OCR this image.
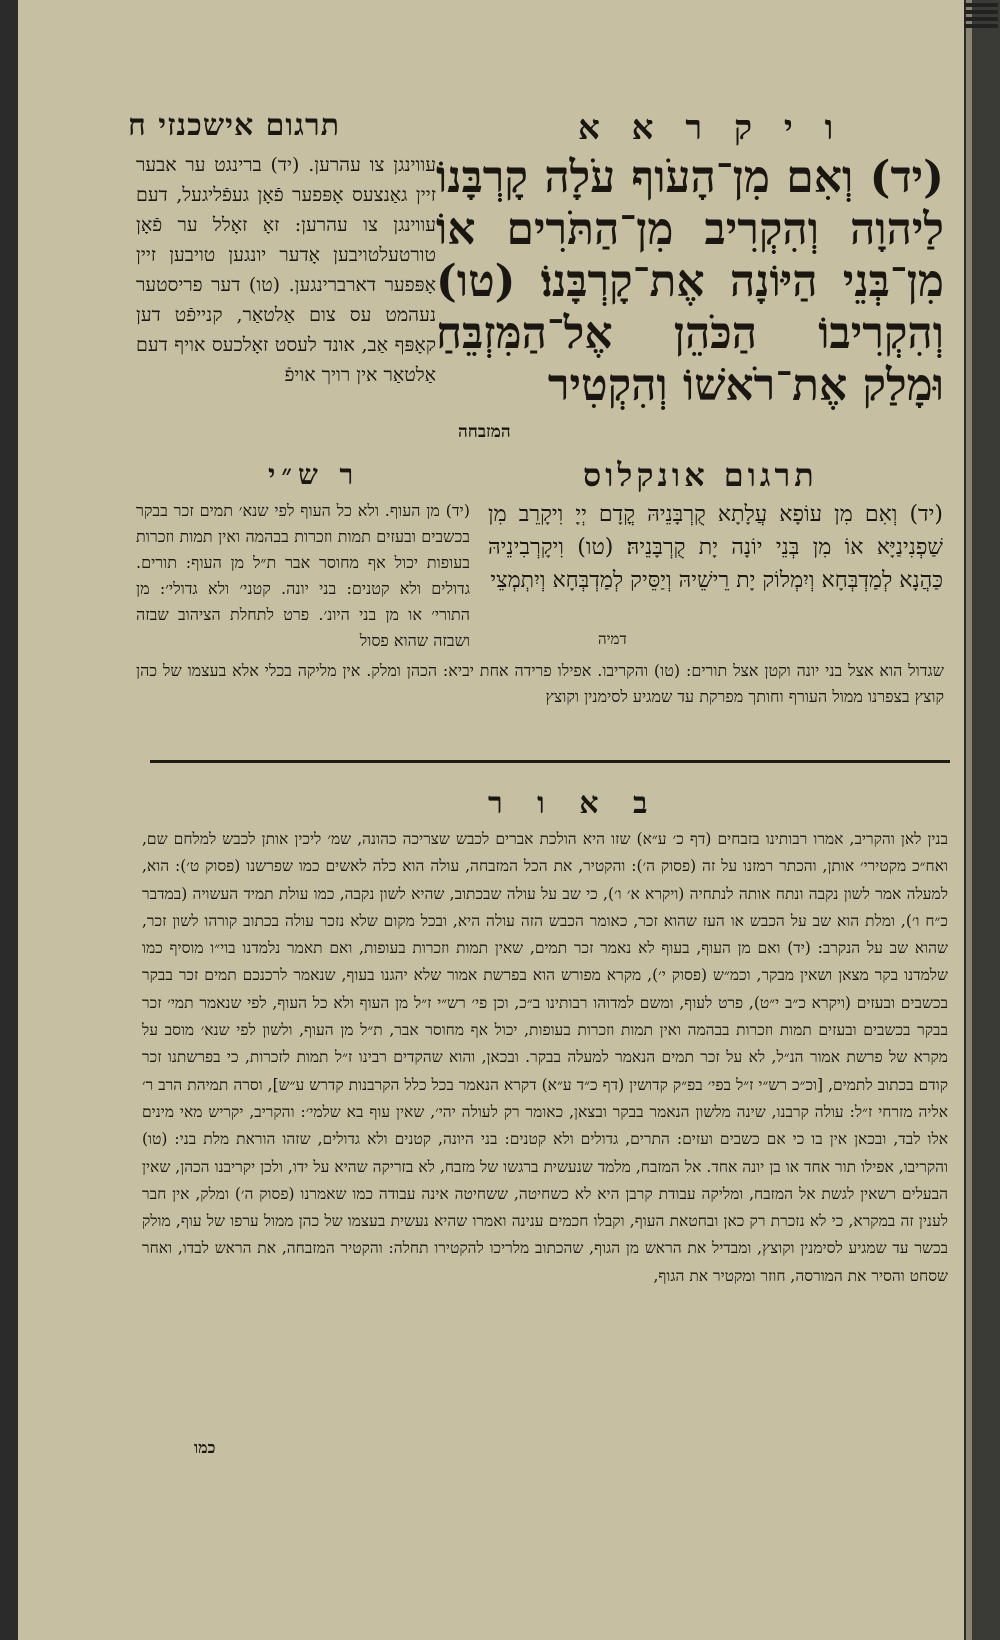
תרגום אישכנזי ח	ו י ק ר א א
עווינגן צו עהרען. (יד) ברינגט ער אבער זיין גאַנצעס אָפּפער פֿאָן געפֿליגעל, דעם עווינגן צו עהרען: זאָ זאָלל ער פֿאָן טורטעלטויבען אָדער יונגען טויבען זיין אָפּפער דארברינגען. (טו) דער פריסטער נעהמט עס צום אַלטאַר, קנייפֿט דען קאָפּף אַב, אונד לעסט זאָלכעס אויף דעם אַלטאַר אין רויך אויפֿ
(יד) וְאִם מִן־הָעֹוף עֹלָה קָרְבָּנוֹ לַיהוָה וְהִקְרִיב מִן־הַתֹּרִים אוֹ מִן־בְּנֵי הַיּוֹנָה אֶת־קָרְבָּנוֹ׃ (טו) וְהִקְרִיבוֹ הַכֹּהֵן אֶל־הַמִּזְבֵּחַ וּמָלַק אֶת־רֹאשׁוֹ וְהִקְטִיר
המזבחה
ר ש״י	תרגום אונקלוס
(יד) מן העוף. ולא כל העוף לפי שנא׳ תמים זכר בבקר בכשבים ובעזים תמות וזכרות בבהמה ואין תמות וזכרות בעופות יכול אף מחוסר אבר ת״ל מן העוף: תורים. גדולים ולא קטנים: בני יונה. קטני׳ ולא גדולי׳: מן התורי׳ או מן בני היונ׳. פרט לתחלת הציהוב שבזה ושבזה שהוא פסול
(יד) וְאִם מִן עוֹפָא עֲלָתָא קֻרְבָּנֵיהּ קֳדָם יְיָ וִיקָרֵב מִן שַׁפְנִינַיָּא אוֹ מִן בְּנֵי יוֹנָה יָת קֻרְבָּנֵיהּ׃ (טו) וִיקָרְבִינֵיהּ כַּהֲנָא לְמַדְבְּחָא וְיִמְלוֹק יָת רֵישֵׁיהּ וְיַסֵּיק לְמַדְבְּחָא וְיִתְמְצֵי
דמיה
שגדול הוא אצל בני יונה וקטן אצל תורים: (טו) והקריבו. אפילו פרידה אחת יביא: הכהן ומלק. אין מליקה בכלי אלא בעצמו של כהן קוצץ בצפרנו ממול העורף וחותך מפרקת עד שמגיע לסימנין וקוצץ
ב א ו ר
בנין לאן והקריב, אמרו רבותינו בזבחים (דף כ׳ ע״א) שזו היא הולכת אברים לכבש שצריכה כהונה, שמ׳ ליכין אותן לכבש למלחם שם, ואח״כ מקטירי׳ אותן, והכתר רמזנו על זה (פסוק ה׳): והקטיר, את הכל המזבחה, עולה הוא כלה לאשים כמו שפרשנו (פסוק ט׳): הוא, למעלה אמר לשון נקבה ונתח אותה לנתחיה (ויקרא א׳ ו׳), כי שב על עולה שבכתוב, שהיא לשון נקבה, כמו עולת תמיד העשויה (במדבר כ״ח ו׳), ומלת הוא שב על הכבש או העז שהוא זכר, כאומר הכבש הזה עולה היא, ובכל מקום שלא נזכר עולה בכתוב קורהו לשון זכר, שהוא שב על הנקרב: (יד) ואם מן העוף, בעוף לא נאמר זכר תמים, שאין תמות וזכרות בעופות, ואם תאמר נלמדנו בוי״ו מוסיף כמו שלמדנו בקר מצאן ושאין מבקר, וכמ״ש (פסוק י׳), מקרא מפורש הוא בפרשת אמור שלא יהגנו בעוף, שנאמר לרכנכם תמים זכר בבקר בכשבים ובעזים (ויקרא כ״ב י״ט), פרט לעוף, ומשם למדוהו רבותינו ב״כ, וכן פי׳ רש״י ז״ל מן העוף ולא כל העוף, לפי שנאמר תמי׳ זכר בבקר בכשבים ובעזים תמות וזכרות בבהמה ואין תמות וזכרות בעופות, יכול אף מחוסר אבר, ת״ל מן העוף, ולשון לפי שנא׳ מוסב על מקרא של פרשת אמור הנ״ל, לא על זכר תמים הנאמר למעלה בבקר. ובכאן, והוא שהקדים רבינו ז״ל תמות לזכרות, כי בפרשתנו זכר קודם בכתוב לתמים, [וכ״כ רש״י ז״ל בפי׳ בפ״ק קדושין (דף כ״ד ע״א) דקרא הנאמר בכל כלל הקרבנות קדרש ע״ש], וסרה תמיהת הרב ר׳ אליה מזרחי ז״ל: עולה קרבנו, שינה מלשון הנאמר בבקר ובצאן, כאומר רק לעולה יהי׳, שאין עוף בא שלמי׳: והקריב, יקריש מאי מינים אלו לבד, ובכאן אין בו כי אם כשבים ועזים: התרים, גדולים ולא קטנים: בני היונה, קטנים ולא גדולים, שזהו הוראת מלת בני: (טו) והקריבו, אפילו תור אחד או בן יונה אחד. אל המזבח, מלמד שנעשית ברגשו של מזבח, לא בזריקה שהיא על ידו, ולכן יקריבנו הכהן, שאין הבעלים רשאין לגשת אל המזבח, ומליקה עבודת קרבן היא לא כשחיטה, ששחיטה אינה עבודה כמו שאמרנו (פסוק ה׳) ומלק, אין חבר לענין זה במקרא, כי לא נזכרת רק כאן ובחטאת העוף, וקבלו חכמים ענינה ואמרו שהיא נעשית בעצמו של כהן ממול ערפו של עוף, מולק בכשר עד שמגיע לסימנין וקוצץ, ומבדיל את הראש מן הגוף, שהכתוב מלריכו להקטירו תחלה: והקטיר המזבחה, את הראש לבדו, ואחר שסחט והסיר את המורסה, חוזר ומקטיר את הגוף,
כמו
